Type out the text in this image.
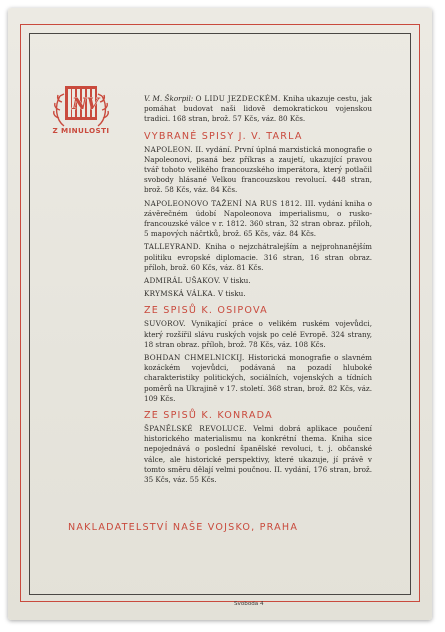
NV
Z MINULOSTI

V. M. Škorpil: O LIDU JEZDECKÉM. Kniha ukazuje cestu, jak pomáhat budovat naši lidově demokratickou vojenskou tradici. 168 stran, brož. 57 Kčs, váz. 80 Kčs.

VYBRANÉ SPISY J. V. TARLA

NAPOLEON. II. vydání. První úplná marxistická monografie o Napoleonovi, psaná bez příkras a zaujetí, ukazující pravou tvář tohoto velikého francouzského imperátora, který potlačil svobody hlásané Velkou francouzskou revolucí. 448 stran, brož. 58 Kčs, váz. 84 Kčs.

NAPOLEONOVO TAŽENÍ NA RUS 1812. III. vydání kniha o závěrečném údobí Napoleonova imperialismu, o rusko-francouzské válce v r. 1812. 360 stran, 32 stran obraz. příloh, 5 mapových náčrtků, brož. 65 Kčs, váz. 84 Kčs.

TALLEYRAND. Kniha o nejzchátralejším a nejprohnanějším politiku evropské diplomacie. 316 stran, 16 stran obraz. příloh, brož. 60 Kčs, váz. 81 Kčs.

ADMIRÁL UŠAKOV. V tisku.

KRYMSKÁ VÁLKA. V tisku.

ZE SPISŮ K. OSIPOVA

SUVOROV. Vynikající práce o velikém ruském vojevůdci, který rozšířil slávu ruských vojsk po celé Evropě. 324 strany, 18 stran obraz. příloh, brož. 78 Kčs, váz. 108 Kčs.

BOHDAN CHMELNICKIJ. Historická monografie o slavném kozáckém vojevůdci, podávaná na pozadí hluboké charakteristiky politických, sociálních, vojenských a tídních poměrů na Ukrajině v 17. století. 368 stran, brož. 82 Kčs, váz. 109 Kčs.

ZE SPISŮ K. KONRADA

ŠPANĚLSKÉ REVOLUCE. Velmi dobrá aplikace poučení historického materialismu na konkrétní thema. Kniha sice nepojednává o poslední španělské revoluci, t. j. občanské válce, ale historické perspektivy, které ukazuje, jí právě v tomto směru dělají velmi poučnou. II. vydání, 176 stran, brož. 35 Kčs, váz. 55 Kčs.

NAKLADATELSTVÍ NAŠE VOJSKO, PRAHA
Svoboda 4
